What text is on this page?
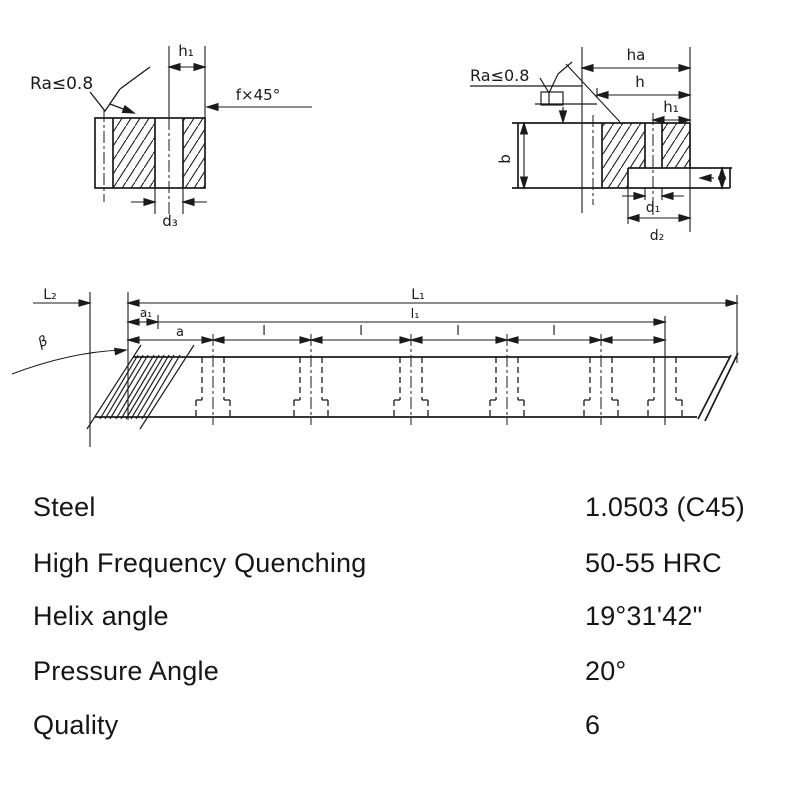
h₁
f×45°
Ra≤0.8
d₃
ha
h
h₁
Ra≤0.8
b
d₁
d₂
β
L₂	L₁
l₁
a₁
a	l	l	l	l
Steel	1.0503 (C45)
High Frequency Quenching	50-55 HRC
Helix angle	19°31'42"
Pressure Angle	20°
Quality	6
